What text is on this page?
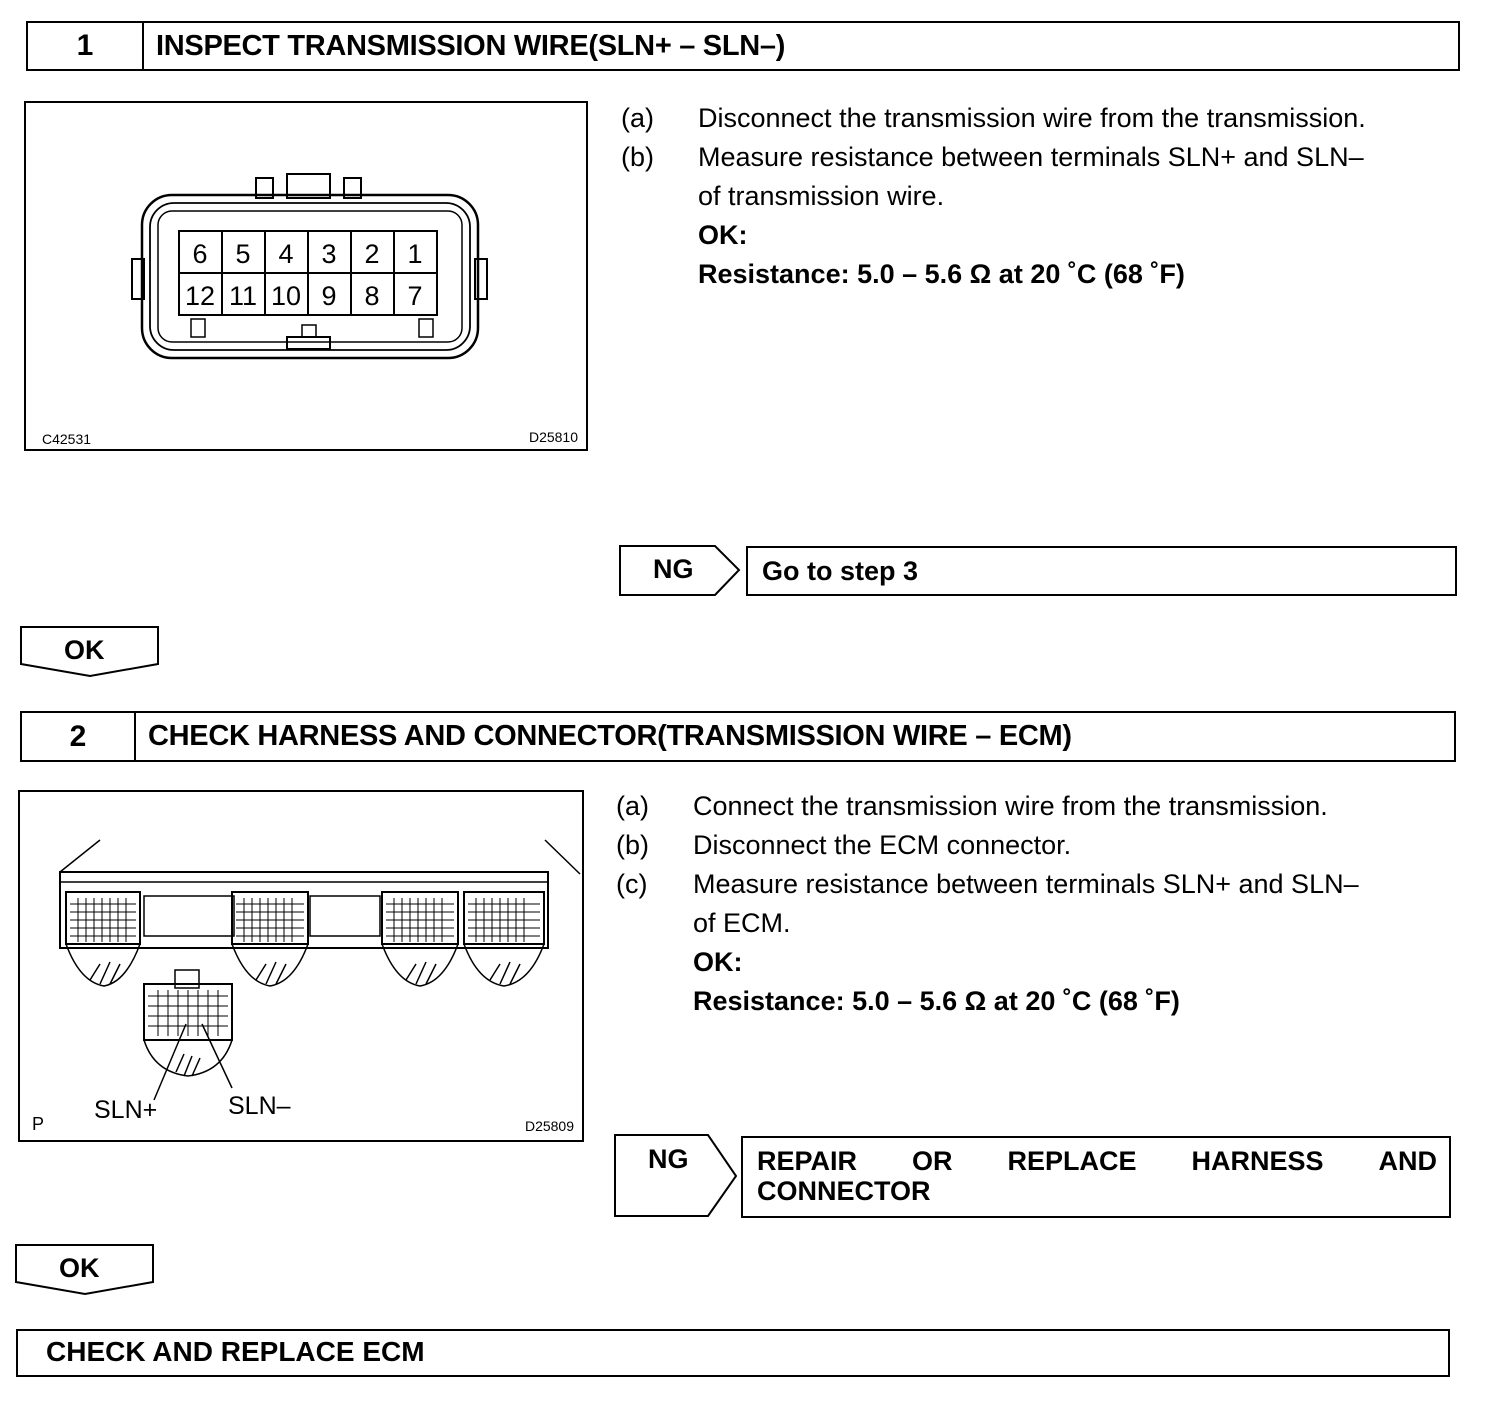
1	INSPECT TRANSMISSION WIRE(SLN+ – SLN–)
6 5 4 3 2 1
12 11 10 9 8 7
C42531	D25810
(a) Disconnect the transmission wire from the transmission.
(b) Measure resistance between terminals SLN+ and SLN–
of transmission wire.
OK:
Resistance: 5.0 – 5.6 Ω at 20 ˚C (68 ˚F)
NG	Go to step 3
OK
2	CHECK HARNESS AND CONNECTOR(TRANSMISSION WIRE – ECM)
SLN+	SLN–
P	D25809
(a) Connect the transmission wire from the transmission.
(b) Disconnect the ECM connector.
(c) Measure resistance between terminals SLN+ and SLN–
of ECM.
OK:
Resistance: 5.0 – 5.6 Ω at 20 ˚C (68 ˚F)
NG	REPAIR OR REPLACE HARNESS AND
CONNECTOR
OK
CHECK AND REPLACE ECM
